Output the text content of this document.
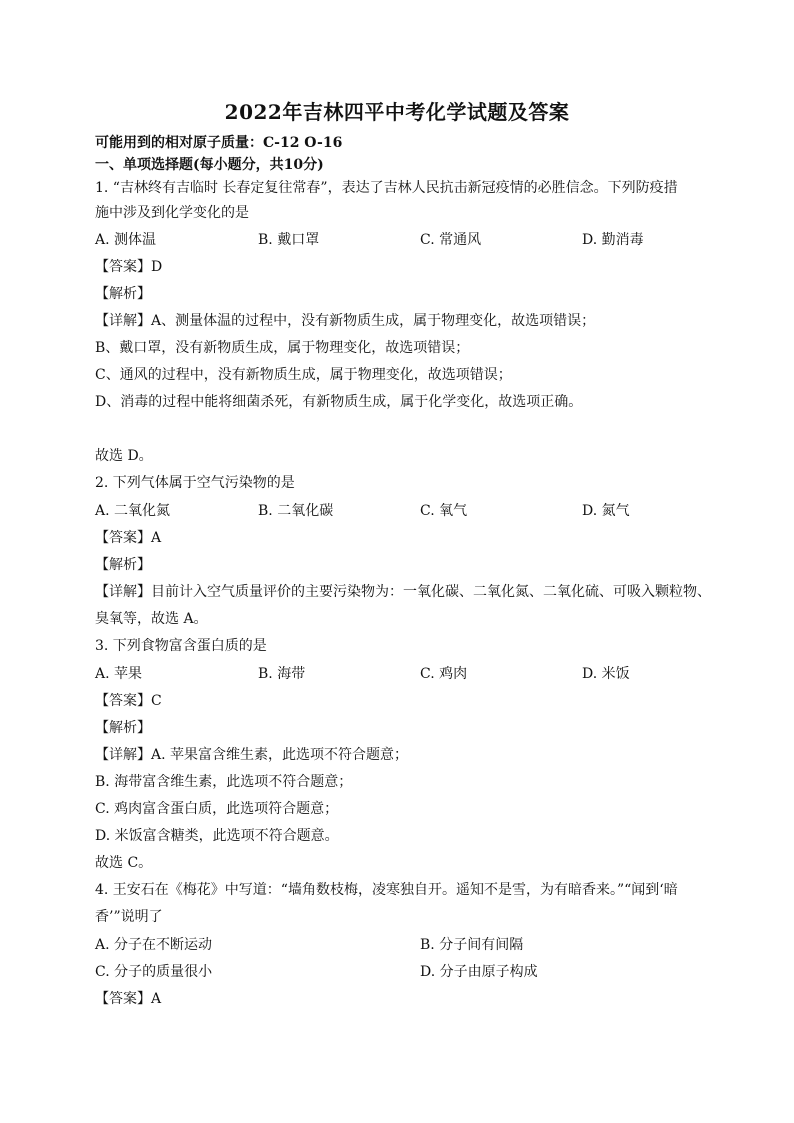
2022年吉林四平中考化学试题及答案
可能用到的相对原子质量：C-12 O-16
一、单项选择题(每小题分，共10分)
1. “吉林终有吉临时 长春定复往常春”，表达了吉林人民抗击新冠疫情的必胜信念。下列防疫措
施中涉及到化学变化的是
A. 测体温	B. 戴口罩	C. 常通风	D. 勤消毒
【答案】D
【解析】
【详解】A、测量体温的过程中，没有新物质生成，属于物理变化，故选项错误；
B、戴口罩，没有新物质生成，属于物理变化，故选项错误；
C、通风的过程中，没有新物质生成，属于物理变化，故选项错误；
D、消毒的过程中能将细菌杀死，有新物质生成，属于化学变化，故选项正确。
故选 D。
2. 下列气体属于空气污染物的是
A. 二氧化氮	B. 二氧化碳	C. 氧气	D. 氮气
【答案】A
【解析】
【详解】目前计入空气质量评价的主要污染物为：一氧化碳、二氧化氮、二氧化硫、可吸入颗粒物、
臭氧等，故选 A。
3. 下列食物富含蛋白质的是
A. 苹果	B. 海带	C. 鸡肉	D. 米饭
【答案】C
【解析】
【详解】A. 苹果富含维生素，此选项不符合题意；
B. 海带富含维生素，此选项不符合题意；
C. 鸡肉富含蛋白质，此选项符合题意；
D. 米饭富含糖类，此选项不符合题意。
故选 C。
4. 王安石在《梅花》中写道：“墙角数枝梅，凌寒独自开。遥知不是雪，为有暗香来。”“闻到‘暗
香’”说明了
A. 分子在不断运动	B. 分子间有间隔
C. 分子的质量很小	D. 分子由原子构成
【答案】A
